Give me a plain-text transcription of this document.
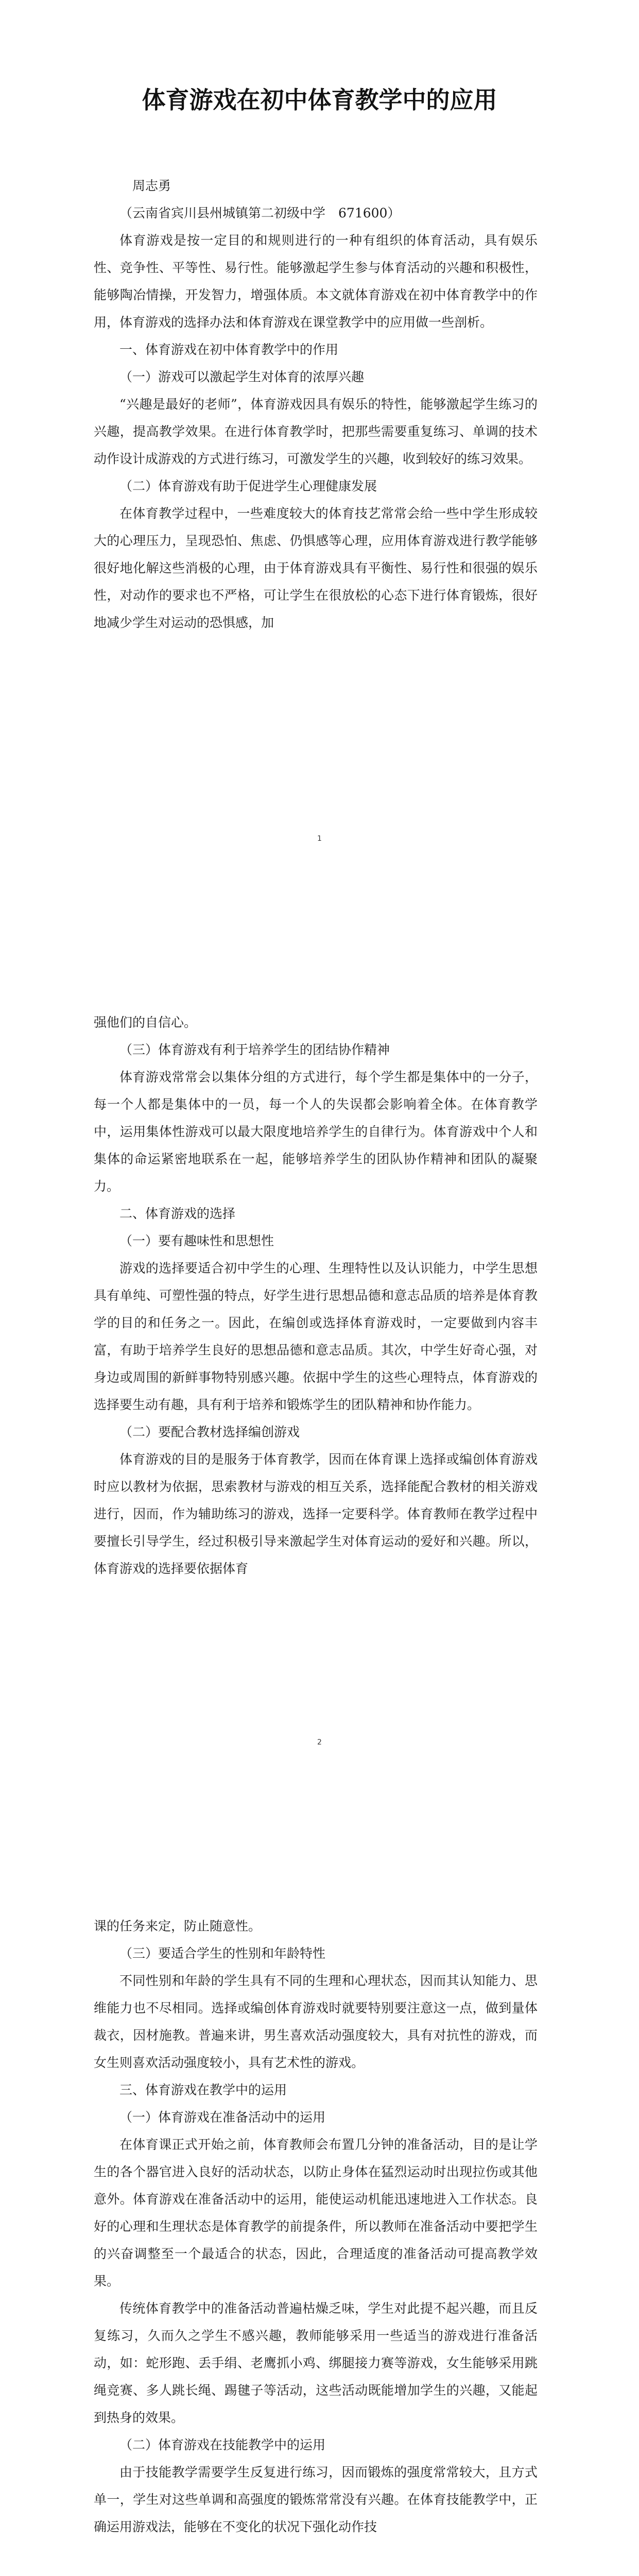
体育游戏在初中体育教学中的应用

周志勇

（云南省宾川县州城镇第二初级中学　671600）

体育游戏是按一定目的和规则进行的一种有组织的体育活动，具有娱乐性、竞争性、平等性、易行性。能够激起学生参与体育活动的兴趣和积极性，能够陶冶情操，开发智力，增强体质。本文就体育游戏在初中体育教学中的作用，体育游戏的选择办法和体育游戏在课堂教学中的应用做一些剖析。

一、体育游戏在初中体育教学中的作用

（一）游戏可以激起学生对体育的浓厚兴趣

“兴趣是最好的老师”，体育游戏因具有娱乐的特性，能够激起学生练习的兴趣，提高教学效果。在进行体育教学时，把那些需要重复练习、单调的技术动作设计成游戏的方式进行练习，可激发学生的兴趣，收到较好的练习效果。

（二）体育游戏有助于促进学生心理健康发展

在体育教学过程中，一些难度较大的体育技艺常常会给一些中学生形成较大的心理压力，呈现恐怕、焦虑、仍惧感等心理，应用体育游戏进行教学能够很好地化解这些消极的心理，由于体育游戏具有平衡性、易行性和很强的娱乐性，对动作的要求也不严格，可让学生在很放松的心态下进行体育锻炼，很好地减少学生对运动的恐惧感，加

1

强他们的自信心。

（三）体育游戏有利于培养学生的团结协作精神

体育游戏常常会以集体分组的方式进行，每个学生都是集体中的一分子，每一个人都是集体中的一员，每一个人的失误都会影响着全体。在体育教学中，运用集体性游戏可以最大限度地培养学生的自律行为。体育游戏中个人和集体的命运紧密地联系在一起，能够培养学生的团队协作精神和团队的凝聚力。

二、体育游戏的选择

（一）要有趣味性和思想性

游戏的选择要适合初中学生的心理、生理特性以及认识能力，中学生思想具有单纯、可塑性强的特点，好学生进行思想品德和意志品质的培养是体育教学的目的和任务之一。因此，在编创或选择体育游戏时，一定要做到内容丰富，有助于培养学生良好的思想品德和意志品质。其次，中学生好奇心强，对身边或周围的新鲜事物特别感兴趣。依据中学生的这些心理特点，体育游戏的选择要生动有趣，具有利于培养和锻炼学生的团队精神和协作能力。

（二）要配合教材选择编创游戏

体育游戏的目的是服务于体育教学，因而在体育课上选择或编创体育游戏时应以教材为依据，思索教材与游戏的相互关系，选择能配合教材的相关游戏进行，因而，作为辅助练习的游戏，选择一定要科学。体育教师在教学过程中要擅长引导学生，经过积极引导来激起学生对体育运动的爱好和兴趣。所以，体育游戏的选择要依据体育

2

课的任务来定，防止随意性。

（三）要适合学生的性别和年龄特性

不同性别和年龄的学生具有不同的生理和心理状态，因而其认知能力、思维能力也不尽相同。选择或编创体育游戏时就要特别要注意这一点，做到量体裁衣，因材施教。普遍来讲，男生喜欢活动强度较大，具有对抗性的游戏，而女生则喜欢活动强度较小，具有艺术性的游戏。

三、体育游戏在教学中的运用

（一）体育游戏在准备活动中的运用

在体育课正式开始之前，体育教师会布置几分钟的准备活动，目的是让学生的各个器官进入良好的活动状态，以防止身体在猛烈运动时出现拉伤或其他意外。体育游戏在准备活动中的运用，能使运动机能迅速地进入工作状态。良好的心理和生理状态是体育教学的前提条件，所以教师在准备活动中要把学生的兴奋调整至一个最适合的状态，因此，合理适度的准备活动可提高教学效果。

传统体育教学中的准备活动普遍枯燥乏味，学生对此提不起兴趣，而且反复练习，久而久之学生不感兴趣，教师能够采用一些适当的游戏进行准备活动，如：蛇形跑、丢手绢、老鹰抓小鸡、绑腿接力赛等游戏，女生能够采用跳绳竞赛、多人跳长绳、踢毽子等活动，这些活动既能增加学生的兴趣，又能起到热身的效果。

（二）体育游戏在技能教学中的运用

由于技能教学需要学生反复进行练习，因而锻炼的强度常常较大，且方式单一，学生对这些单调和高强度的锻炼常常没有兴趣。在体育技能教学中，正确运用游戏法，能够在不变化的状况下强化动作技
